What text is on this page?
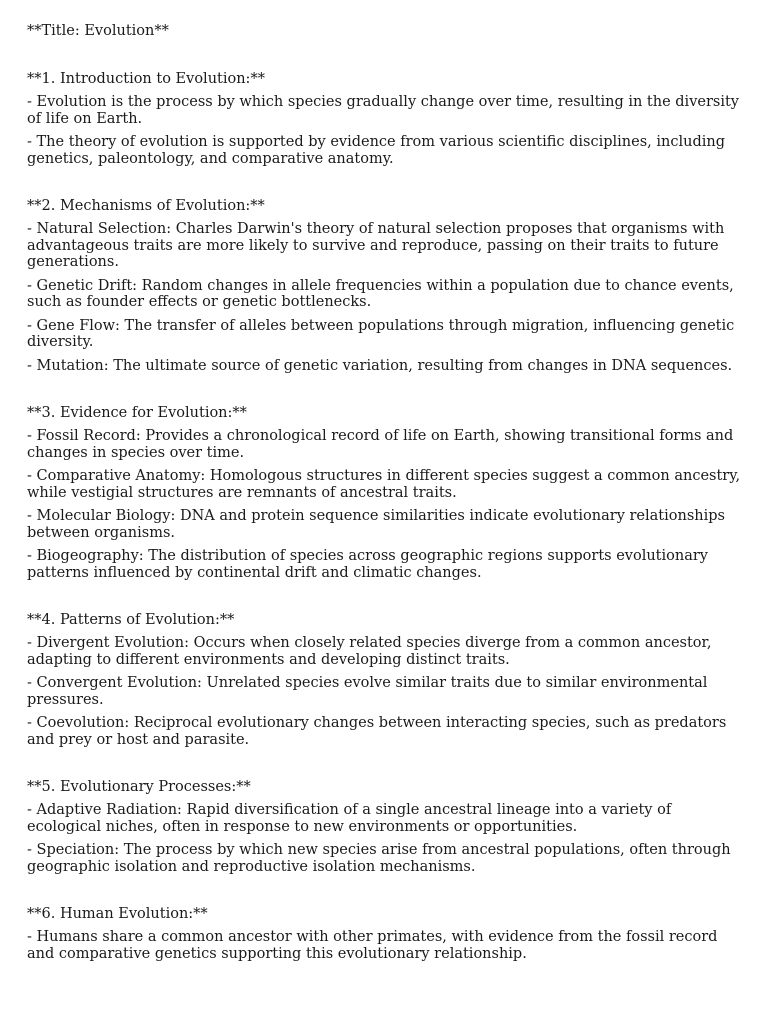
**Title: Evolution**

**1. Introduction to Evolution:**

- Evolution is the process by which species gradually change over time, resulting in the diversity of life on Earth.

- The theory of evolution is supported by evidence from various scientific disciplines, including genetics, paleontology, and comparative anatomy.

**2. Mechanisms of Evolution:**

- Natural Selection: Charles Darwin's theory of natural selection proposes that organisms with advantageous traits are more likely to survive and reproduce, passing on their traits to future generations.

- Genetic Drift: Random changes in allele frequencies within a population due to chance events, such as founder effects or genetic bottlenecks.

- Gene Flow: The transfer of alleles between populations through migration, influencing genetic diversity.

- Mutation: The ultimate source of genetic variation, resulting from changes in DNA sequences.

**3. Evidence for Evolution:**

- Fossil Record: Provides a chronological record of life on Earth, showing transitional forms and changes in species over time.

- Comparative Anatomy: Homologous structures in different species suggest a common ancestry, while vestigial structures are remnants of ancestral traits.

- Molecular Biology: DNA and protein sequence similarities indicate evolutionary relationships between organisms.

- Biogeography: The distribution of species across geographic regions supports evolutionary patterns influenced by continental drift and climatic changes.

**4. Patterns of Evolution:**

- Divergent Evolution: Occurs when closely related species diverge from a common ancestor, adapting to different environments and developing distinct traits.

- Convergent Evolution: Unrelated species evolve similar traits due to similar environmental pressures.

- Coevolution: Reciprocal evolutionary changes between interacting species, such as predators and prey or host and parasite.

**5. Evolutionary Processes:**

- Adaptive Radiation: Rapid diversification of a single ancestral lineage into a variety of ecological niches, often in response to new environments or opportunities.

- Speciation: The process by which new species arise from ancestral populations, often through geographic isolation and reproductive isolation mechanisms.

**6. Human Evolution:**

- Humans share a common ancestor with other primates, with evidence from the fossil record and comparative genetics supporting this evolutionary relationship.
